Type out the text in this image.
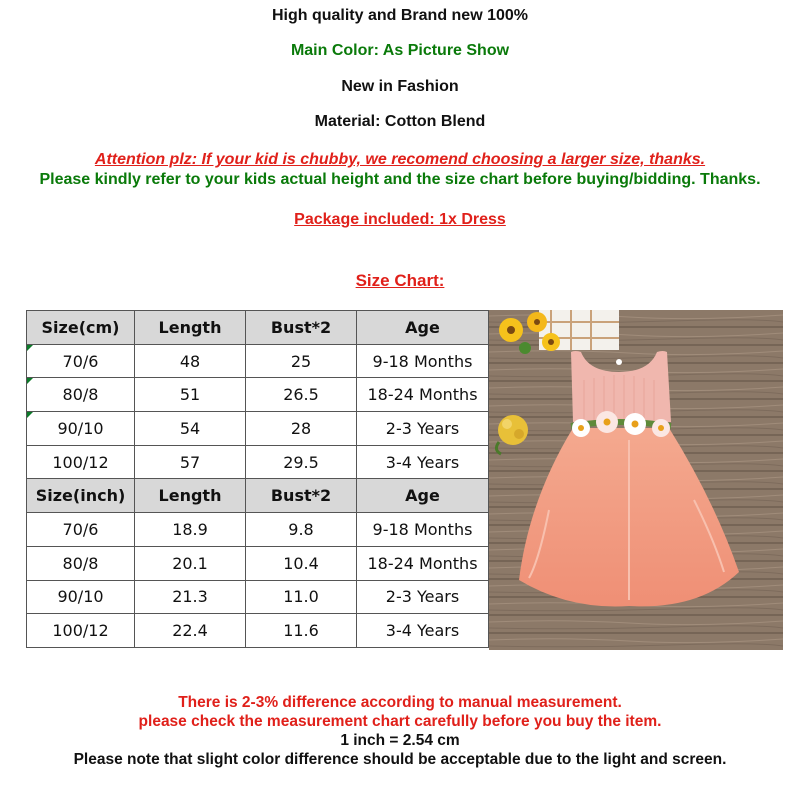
High quality and Brand new 100%
Main Color: As Picture Show
New in Fashion
Material: Cotton Blend
Attention plz: If your kid is chubby, we recomend choosing a larger size, thanks.
Please kindly refer to your kids actual height and the size chart before buying/bidding. Thanks.
Package included: 1x Dress
Size Chart:
Size(cm)	Length	Bust*2	Age

70/6	48	25	9-18 Months

80/8	51	26.5	18-24 Months

90/10	54	28	2-3 Years
100/12	57	29.5	3-4 Years
Size(inch)	Length	Bust*2	Age
70/6	18.9	9.8	9-18 Months
80/8	20.1	10.4	18-24 Months
90/10	21.3	11.0	2-3 Years
100/12	22.4	11.6	3-4 Years
There is 2-3% difference according to manual measurement.
please check the measurement chart carefully before you buy the item.
1 inch = 2.54 cm
Please note that slight color difference should be acceptable due to the light and screen.
